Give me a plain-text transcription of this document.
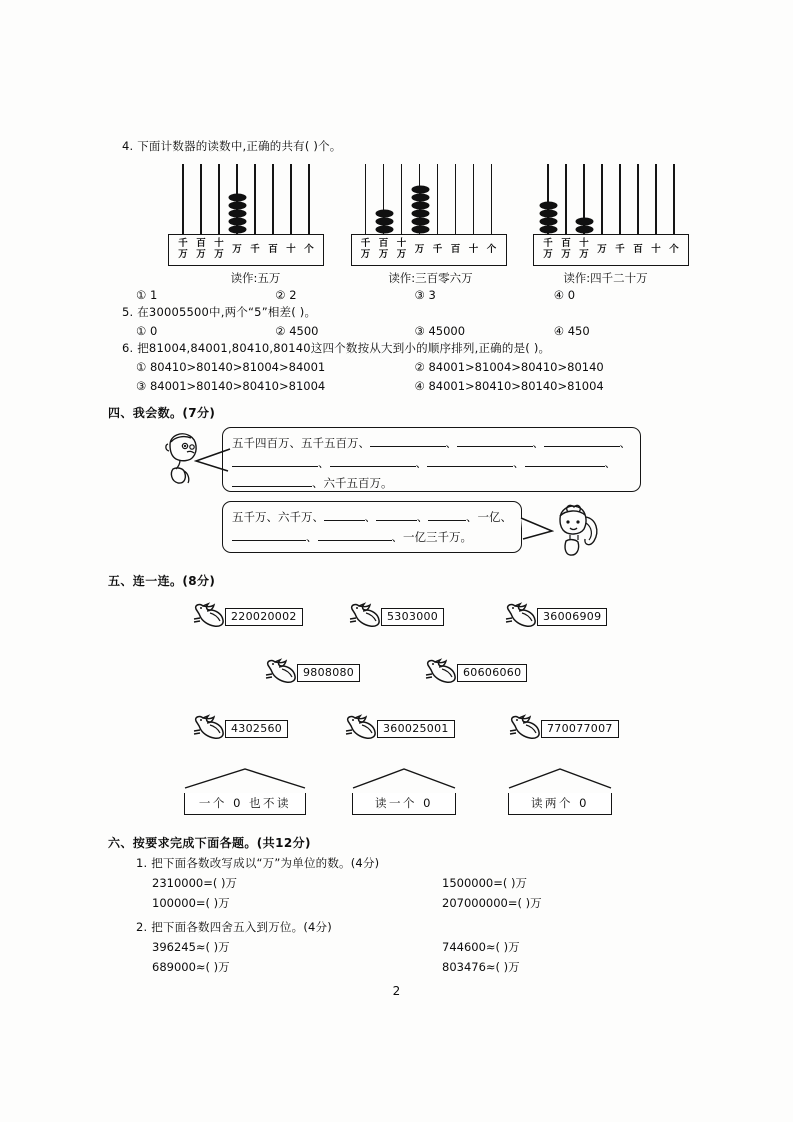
4. 下面计数器的读数中,正确的共有( )个。
千
万
百
万
十
万 万 千 百 十 个
千
万
百
万
十
万 万 千 百 十 个
千
万
百
万
十
万 万 千 百 十 个
读作:五万	读作:三百零六万	读作:四千二十万
① 1	② 2	③ 3	④ 0
5. 在30005500中,两个“5”相差( )。
① 0	② 4500	③ 45000	④ 450
6. 把81004,84001,80410,80140这四个数按从大到小的顺序排列,正确的是( )。
① 80410>80140>81004>84001	② 84001>81004>80410>80140
③ 84001>80140>80410>81004	④ 84001>80410>80140>81004
四、我会数。(7分)
五千四百万、五千五百万、	、	、	、
、	、	、	、
、六千五百万。
五千万、六千万、	、	、	、一亿、
、	、一亿三千万。
五、连一连。(8分)
220020002	5303000	36006909
9808080	60606060
4302560	360025001	770077007
一个 0 也不读	读一个 0	读两个 0
六、按要求完成下面各题。(共12分)
1. 把下面各数改写成以“万”为单位的数。(4分)
2310000=( )万	1500000=( )万
100000=( )万	207000000=( )万
2. 把下面各数四舍五入到万位。(4分)
396245≈( )万	744600≈( )万
689000≈( )万	803476≈( )万
2
